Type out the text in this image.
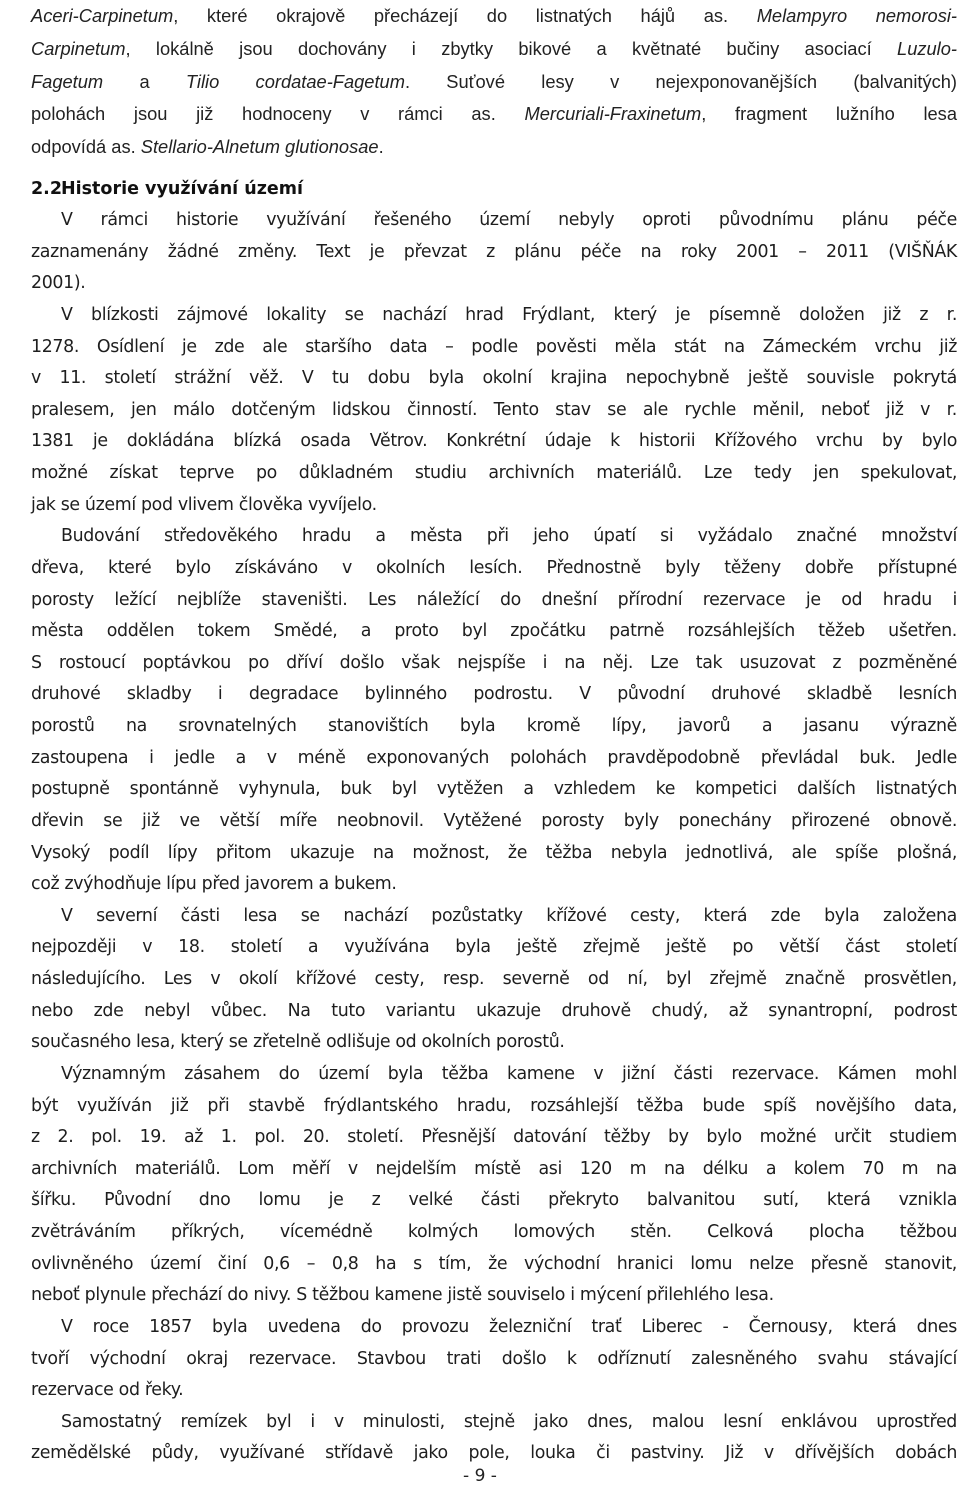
Aceri-Carpinetum, které okrajově přecházejí do listnatých hájů as. Melampyro nemorosi-
Carpinetum, lokálně jsou dochovány i zbytky bikové a květnaté bučiny asociací Luzulo-
Fagetum a Tilio cordatae-Fagetum. Suťové lesy v nejexponovanějších (balvanitých)
polohách jsou již hodnoceny v rámci as. Mercuriali-Fraxinetum, fragment lužního lesa
odpovídá as. Stellario-Alnetum glutionosae.
2.2Historie využívání území

V rámci historie využívání řešeného území nebyly oproti původnímu plánu péče
zaznamenány žádné změny. Text je převzat z plánu péče na roky 2001 – 2011 (VIŠŇÁK
2001).

V blízkosti zájmové lokality se nachází hrad Frýdlant, který je písemně doložen již z r.
1278. Osídlení je zde ale staršího data – podle pověsti měla stát na Zámeckém vrchu již
v 11. století strážní věž. V tu dobu byla okolní krajina nepochybně ještě souvisle pokrytá
pralesem, jen málo dotčeným lidskou činností. Tento stav se ale rychle měnil, neboť již v r.
1381 je dokládána blízká osada Větrov. Konkrétní údaje k historii Křížového vrchu by bylo
možné získat teprve po důkladném studiu archivních materiálů. Lze tedy jen spekulovat,
jak se území pod vlivem člověka vyvíjelo.

Budování středověkého hradu a města při jeho úpatí si vyžádalo značné množství
dřeva, které bylo získáváno v okolních lesích. Přednostně byly těženy dobře přístupné
porosty ležící nejblíže staveništi. Les náležící do dnešní přírodní rezervace je od hradu i
města oddělen tokem Smědé, a proto byl zpočátku patrně rozsáhlejších těžeb ušetřen.
S rostoucí poptávkou po dříví došlo však nejspíše i na něj. Lze tak usuzovat z pozměněné
druhové skladby i degradace bylinného podrostu. V původní druhové skladbě lesních
porostů na srovnatelných stanovištích byla kromě lípy, javorů a jasanu výrazně
zastoupena i jedle a v méně exponovaných polohách pravděpodobně převládal buk. Jedle
postupně spontánně vyhynula, buk byl vytěžen a vzhledem ke kompetici dalších listnatých
dřevin se již ve větší míře neobnovil. Vytěžené porosty byly ponechány přirozené obnově.
Vysoký podíl lípy přitom ukazuje na možnost, že těžba nebyla jednotlivá, ale spíše plošná,
což zvýhodňuje lípu před javorem a bukem.

V severní části lesa se nachází pozůstatky křížové cesty, která zde byla založena
nejpozději v 18. století a využívána byla ještě zřejmě ještě po větší část století
následujícího. Les v okolí křížové cesty, resp. severně od ní, byl zřejmě značně prosvětlen,
nebo zde nebyl vůbec. Na tuto variantu ukazuje druhově chudý, až synantropní, podrost
současného lesa, který se zřetelně odlišuje od okolních porostů.

Významným zásahem do území byla těžba kamene v jižní části rezervace. Kámen mohl
být využíván již při stavbě frýdlantského hradu, rozsáhlejší těžba bude spíš novějšího data,
z 2. pol. 19. až 1. pol. 20. století. Přesnější datování těžby by bylo možné určit studiem
archivních materiálů. Lom měří v nejdelším místě asi 120 m na délku a kolem 70 m na
šířku. Původní dno lomu je z velké části překryto balvanitou sutí, která vznikla
zvětráváním příkrých, vícemédně kolmých lomových stěn. Celková plocha těžbou
ovlivněného území činí 0,6 – 0,8 ha s tím, že východní hranici lomu nelze přesně stanovit,
neboť plynule přechází do nivy. S těžbou kamene jistě souviselo i mýcení přilehlého lesa.

V roce 1857 byla uvedena do provozu železniční trať Liberec - Černousy, která dnes
tvoří východní okraj rezervace. Stavbou trati došlo k odříznutí zalesněného svahu stávající
rezervace od řeky.

Samostatný remízek byl i v minulosti, stejně jako dnes, malou lesní enklávou uprostřed
zemědělské půdy, využívané střídavě jako pole, louka či pastviny. Již v dřívějších dobách

- 9 -
